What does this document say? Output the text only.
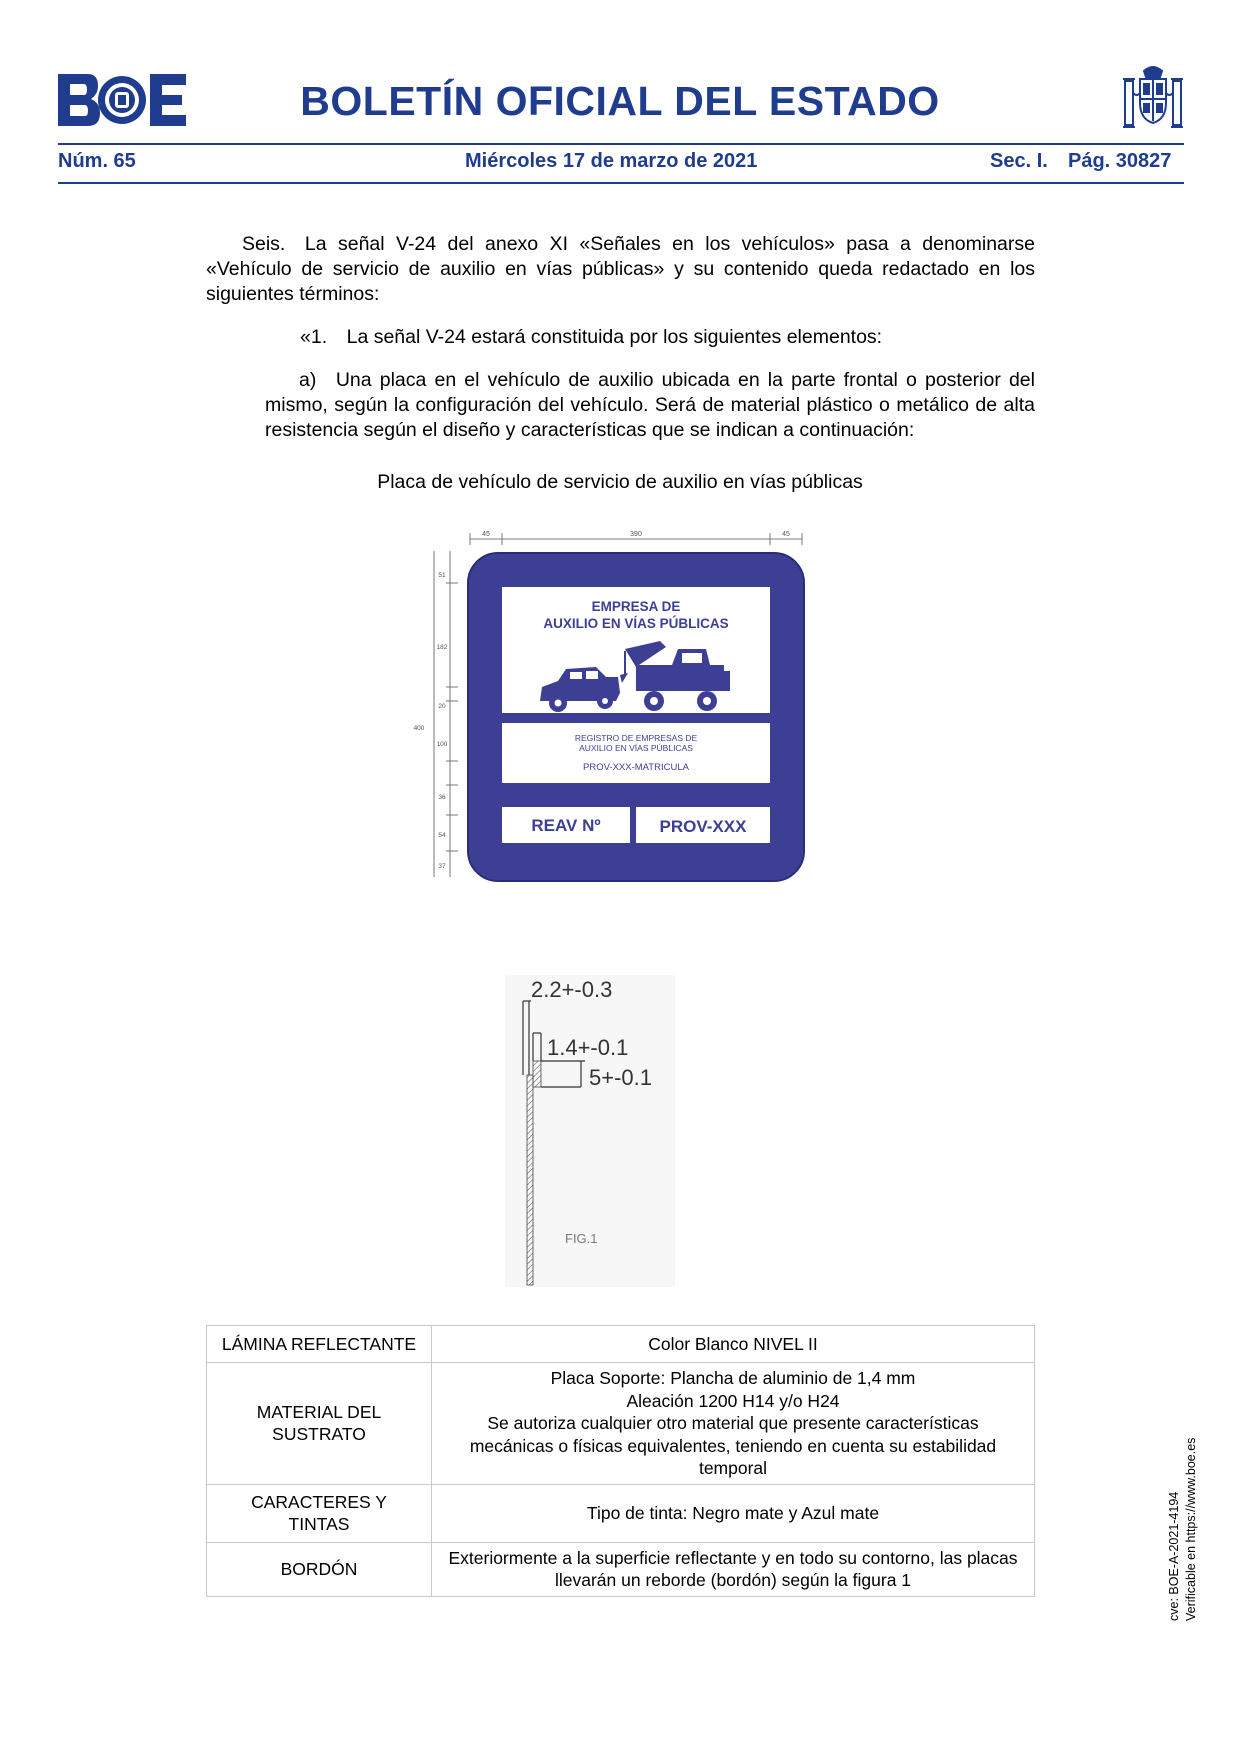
BOLETÍN OFICIAL DEL ESTADO
Núm. 65	Miércoles 17 de marzo de 2021	Sec. I. Pág. 30827
Seis. La señal V-24 del anexo XI «Señales en los vehículos» pasa a denominarse «Vehículo de servicio de auxilio en vías públicas» y su contenido queda redactado en los siguientes términos:
«1. La señal V-24 estará constituida por los siguientes elementos:
a) Una placa en el vehículo de auxilio ubicada en la parte frontal o posterior del mismo, según la configuración del vehículo. Será de material plástico o metálico de alta resistencia según el diseño y características que se indican a continuación:
Placa de vehículo de servicio de auxilio en vías públicas
45	390	45
51
182
20
100
36
54
37
400
EMPRESA DE
AUXILIO EN VÍAS PÚBLICAS
REGISTRO DE EMPRESAS DE
AUXILIO EN VÍAS PÚBLICAS
PROV-XXX-MATRICULA
REAV Nº	PROV-XXX
2.2+-0.3
1.4+-0.1
5+-0.1
FIG.1
LÁMINA REFLECTANTE	Color Blanco NIVEL II
MATERIAL DEL
SUSTRATO	Placa Soporte: Plancha de aluminio de 1,4 mm
Aleación 1200 H14 y/o H24
Se autoriza cualquier otro material que presente características mecánicas o físicas equivalentes, teniendo en cuenta su estabilidad temporal
CARACTERES Y TINTAS	Tipo de tinta: Negro mate y Azul mate
BORDÓN	Exteriormente a la superficie reflectante y en todo su contorno, las placas llevarán un reborde (bordón) según la figura 1	cve: BOE-A-2021-4194 Verificable en https://www.boe.es
